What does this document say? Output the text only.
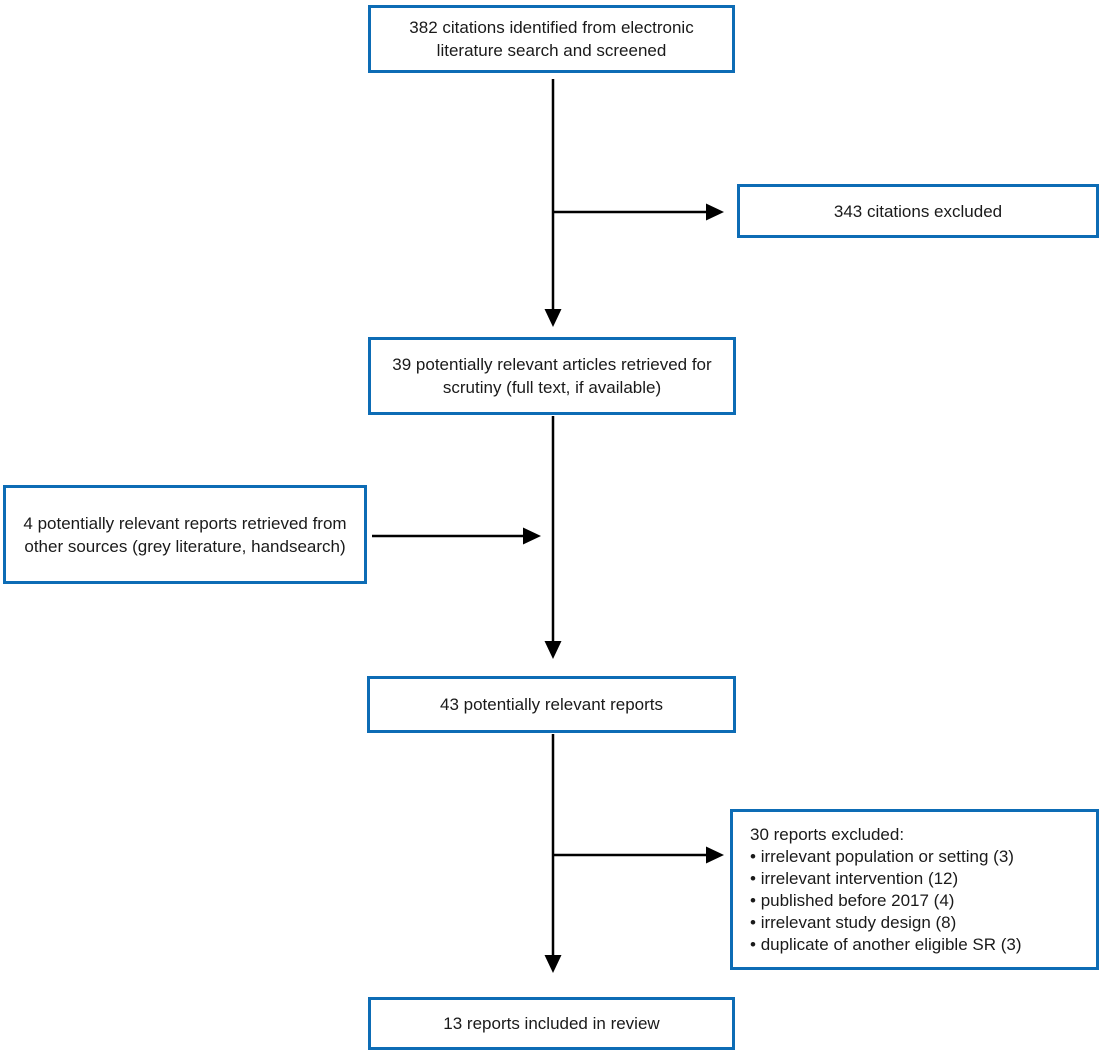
382 citations identified from electronic literature search and screened
343 citations excluded
39 potentially relevant articles retrieved for scrutiny (full text, if available)
4 potentially relevant reports retrieved from other sources (grey literature, handsearch)
43 potentially relevant reports
30 reports excluded:
• irrelevant population or setting (3)
• irrelevant intervention (12)
• published before 2017 (4)
• irrelevant study design (8)
• duplicate of another eligible SR (3)
13 reports included in review
